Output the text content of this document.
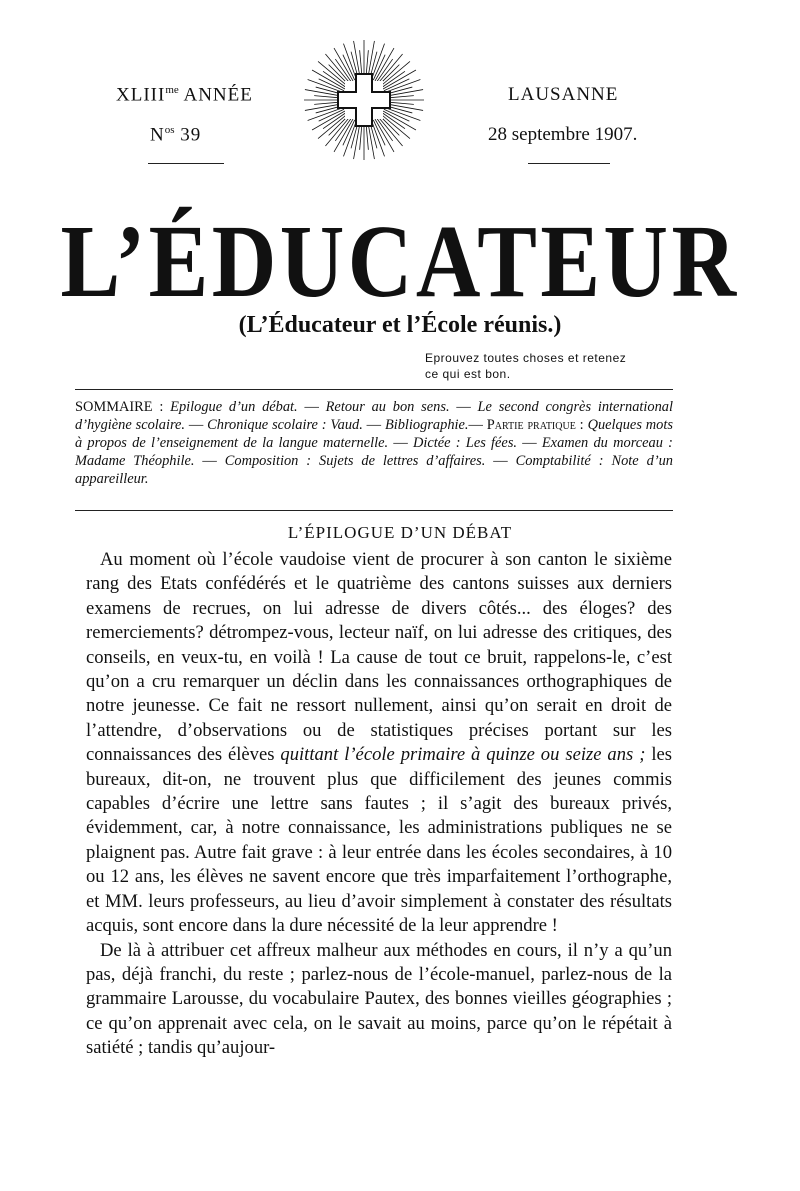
$XLIII^{me}$ ANNÉE
$N^{os}$ 39
LAUSANNE
28 septembre 1907.
L’ÉDUCATEUR
(L’Éducateur et l’École réunis.)
Eprouvez toutes choses et retenez
ce qui est bon.
SOMMAIRE : Epilogue d’un débat. — Retour au bon sens. — Le second congrès international d’hygiène scolaire. — Chronique scolaire : Vaud. — Bibliographie.— Partie pratique : Quelques mots à propos de l’enseignement de la langue maternelle. — Dictée : Les fées. — Examen du morceau : Madame Théophile. — Composition : Sujets de lettres d’affaires. — Comptabilité : Note d’un appareilleur.
L’ÉPILOGUE D’UN DÉBAT

Au moment où l’école vaudoise vient de procurer à son canton le sixième rang des Etats confédérés et le quatrième des cantons suisses aux derniers examens de recrues, on lui adresse de divers côtés... des éloges? des remerciements? détrompez-vous, lecteur naïf, on lui adresse des critiques, des conseils, en veux-tu, en voilà ! La cause de tout ce bruit, rappelons-le, c’est qu’on a cru remarquer un déclin dans les connaissances orthographiques de notre jeunesse. Ce fait ne ressort nullement, ainsi qu’on serait en droit de l’attendre, d’observations ou de statistiques précises portant sur les connaissances des élèves quittant l’école primaire à quinze ou seize ans ; les bureaux, dit-on, ne trouvent plus que difficilement des jeunes commis capables d’écrire une lettre sans fautes ; il s’agit des bureaux privés, évidemment, car, à notre connaissance, les administrations publiques ne se plaignent pas. Autre fait grave : à leur entrée dans les écoles secondaires, à 10 ou 12 ans, les élèves ne savent encore que très imparfaitement l’orthographe, et MM. leurs professeurs, au lieu d’avoir simplement à constater des résultats acquis, sont encore dans la dure nécessité de la leur apprendre !

De là à attribuer cet affreux malheur aux méthodes en cours, il n’y a qu’un pas, déjà franchi, du reste ; parlez-nous de l’école-manuel, parlez-nous de la grammaire Larousse, du vocabulaire Pautex, des bonnes vieilles géographies ; ce qu’on apprenait avec cela, on le savait au moins, parce qu’on le répétait à satiété ; tandis qu’aujour-
